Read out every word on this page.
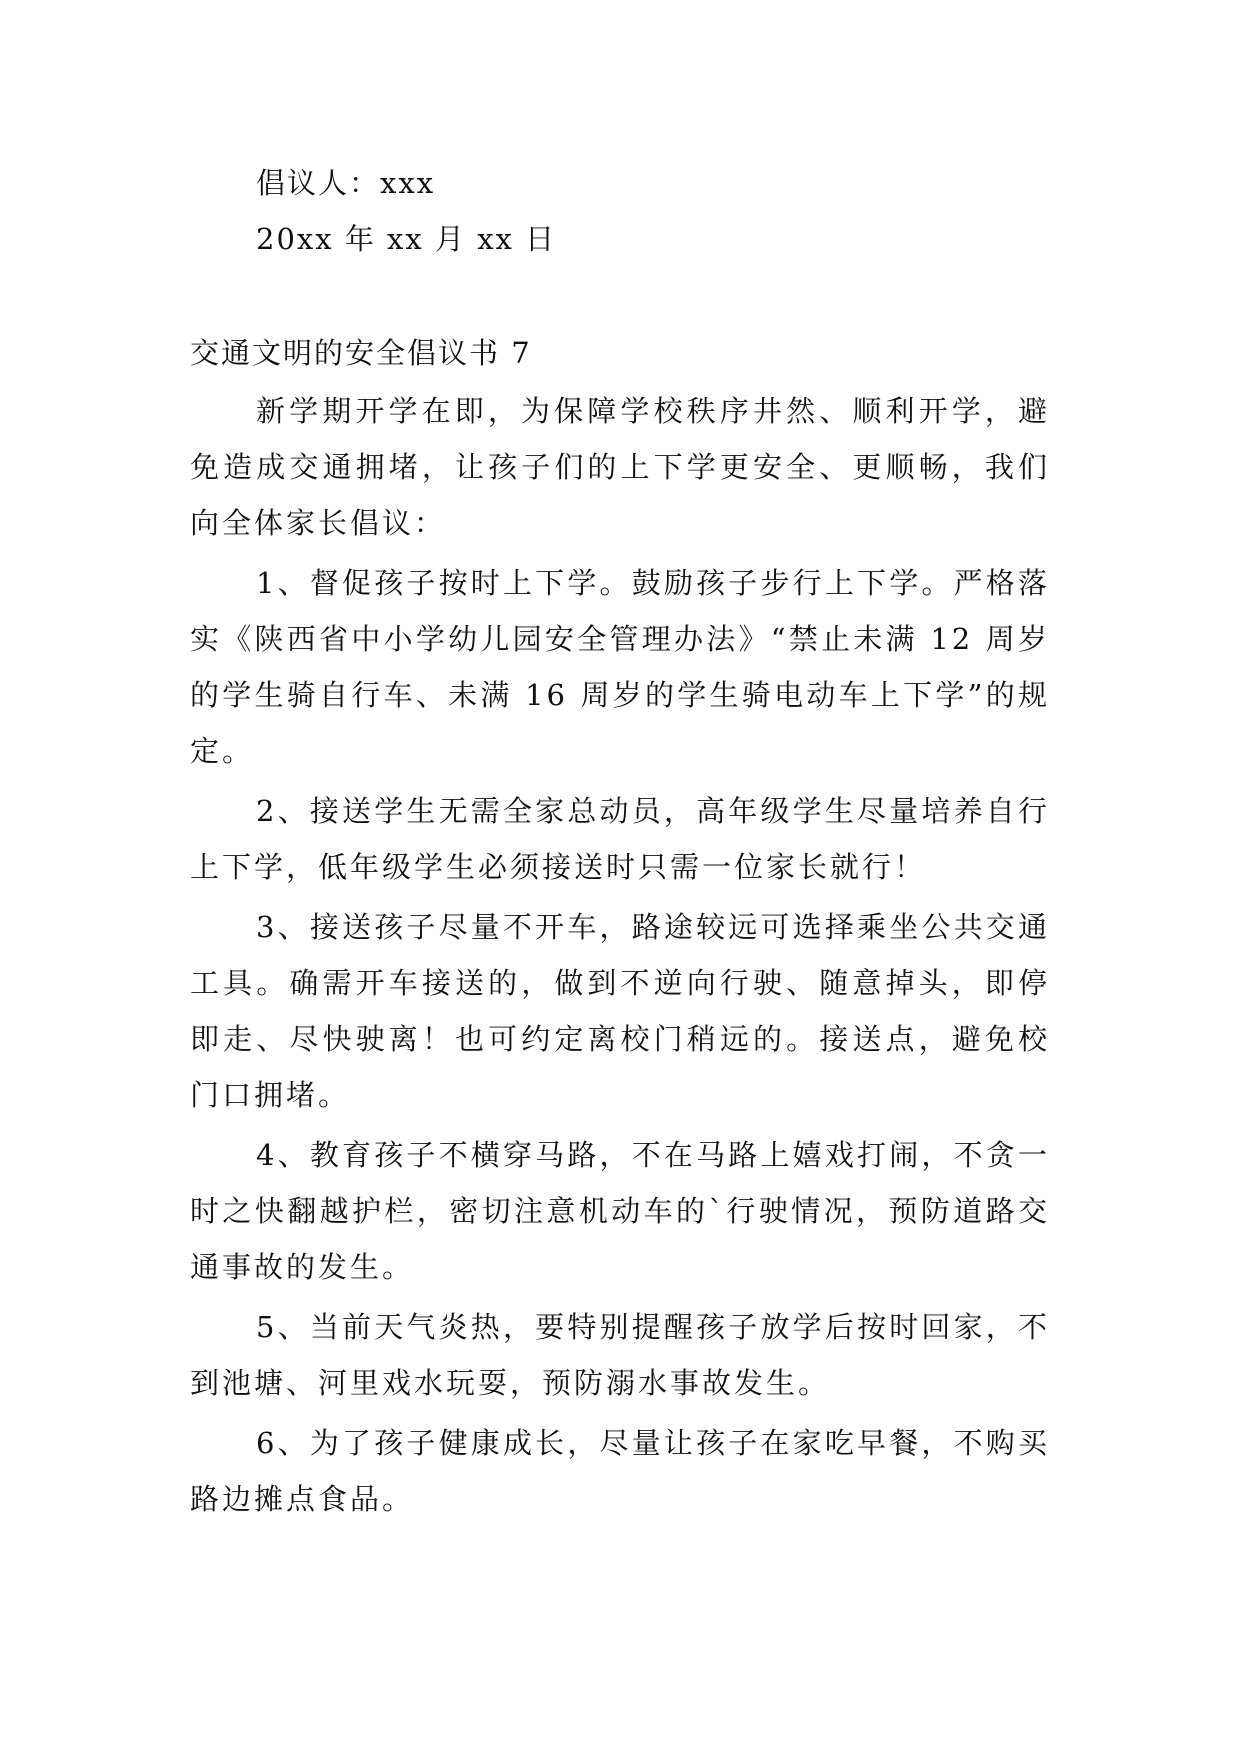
倡议人：xxx
20xx 年 xx 月 xx 日
交通文明的安全倡议书 7

新学期开学在即，为保障学校秩序井然、顺利开学，避免造成交通拥堵，让孩子们的上下学更安全、更顺畅，我们向全体家长倡议：

1、督促孩子按时上下学。鼓励孩子步行上下学。严格落实《陕西省中小学幼儿园安全管理办法》“禁止未满 12 周岁的学生骑自行车、未满 16 周岁的学生骑电动车上下学”的规定。

2、接送学生无需全家总动员，高年级学生尽量培养自行上下学，低年级学生必须接送时只需一位家长就行！

3、接送孩子尽量不开车，路途较远可选择乘坐公共交通工具。确需开车接送的，做到不逆向行驶、随意掉头，即停即走、尽快驶离！也可约定离校门稍远的。接送点，避免校门口拥堵。

4、教育孩子不横穿马路，不在马路上嬉戏打闹，不贪一时之快翻越护栏，密切注意机动车的`行驶情况，预防道路交通事故的发生。

5、当前天气炎热，要特别提醒孩子放学后按时回家，不到池塘、河里戏水玩耍，预防溺水事故发生。

6、为了孩子健康成长，尽量让孩子在家吃早餐，不购买路边摊点食品。
